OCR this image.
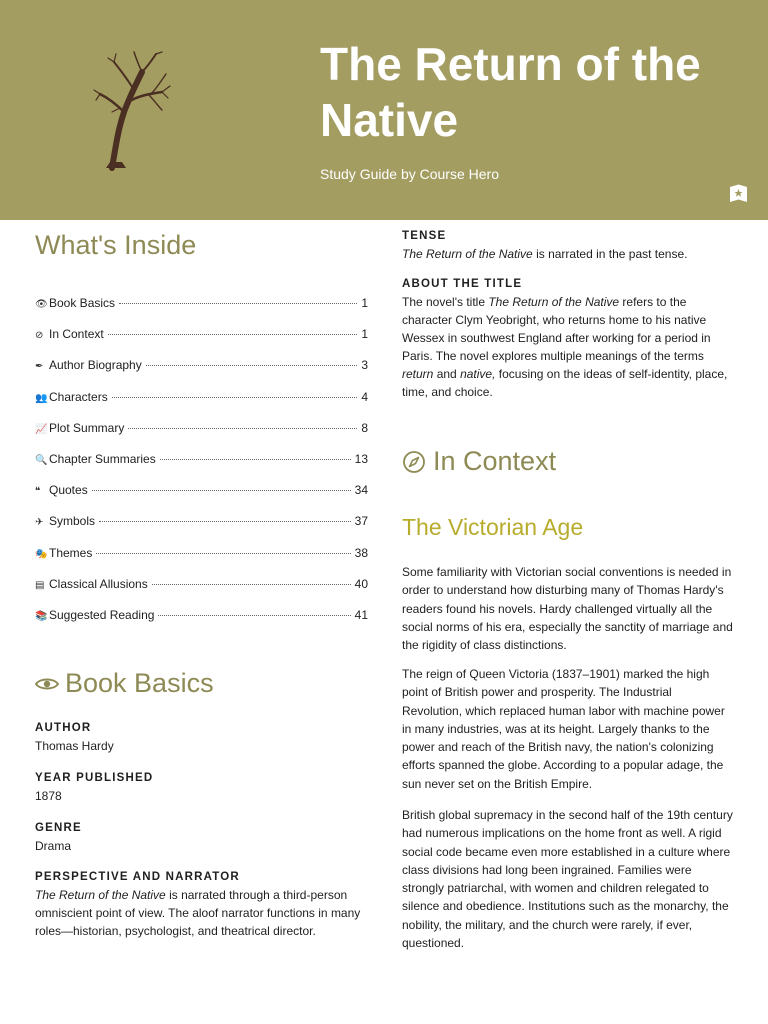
The Return of the
Native
Study Guide by Course Hero
What's Inside
👁 Book Basics	1
⊘ In Context	1
✒ Author Biography	3
👥 Characters	4
📈 Plot Summary	8
🔍 Chapter Summaries	13
❝ Quotes	34
✈ Symbols	37
🎭 Themes	38
▤ Classical Allusions	40
📚 Suggested Reading	41
Book Basics

AUTHOR

Thomas Hardy

YEAR PUBLISHED

1878

GENRE

Drama

PERSPECTIVE AND NARRATOR

The Return of the Native is narrated through a third-person omniscient point of view. The aloof narrator functions in many roles—historian, psychologist, and theatrical director.

TENSE

The Return of the Native is narrated in the past tense.

ABOUT THE TITLE

The novel's title The Return of the Native refers to the character Clym Yeobright, who returns home to his native Wessex in southwest England after working for a period in Paris. The novel explores multiple meanings of the terms return and native, focusing on the ideas of self-identity, place, time, and choice.

In Context
The Victorian Age

Some familiarity with Victorian social conventions is needed in order to understand how disturbing many of Thomas Hardy's readers found his novels. Hardy challenged virtually all the social norms of his era, especially the sanctity of marriage and the rigidity of class distinctions.

The reign of Queen Victoria (1837–1901) marked the high point of British power and prosperity. The Industrial Revolution, which replaced human labor with machine power in many industries, was at its height. Largely thanks to the power and reach of the British navy, the nation's colonizing efforts spanned the globe. According to a popular adage, the sun never set on the British Empire.

British global supremacy in the second half of the 19th century had numerous implications on the home front as well. A rigid social code became even more established in a culture where class divisions had long been ingrained. Families were strongly patriarchal, with women and children relegated to silence and obedience. Institutions such as the monarchy, the nobility, the military, and the church were rarely, if ever, questioned.
